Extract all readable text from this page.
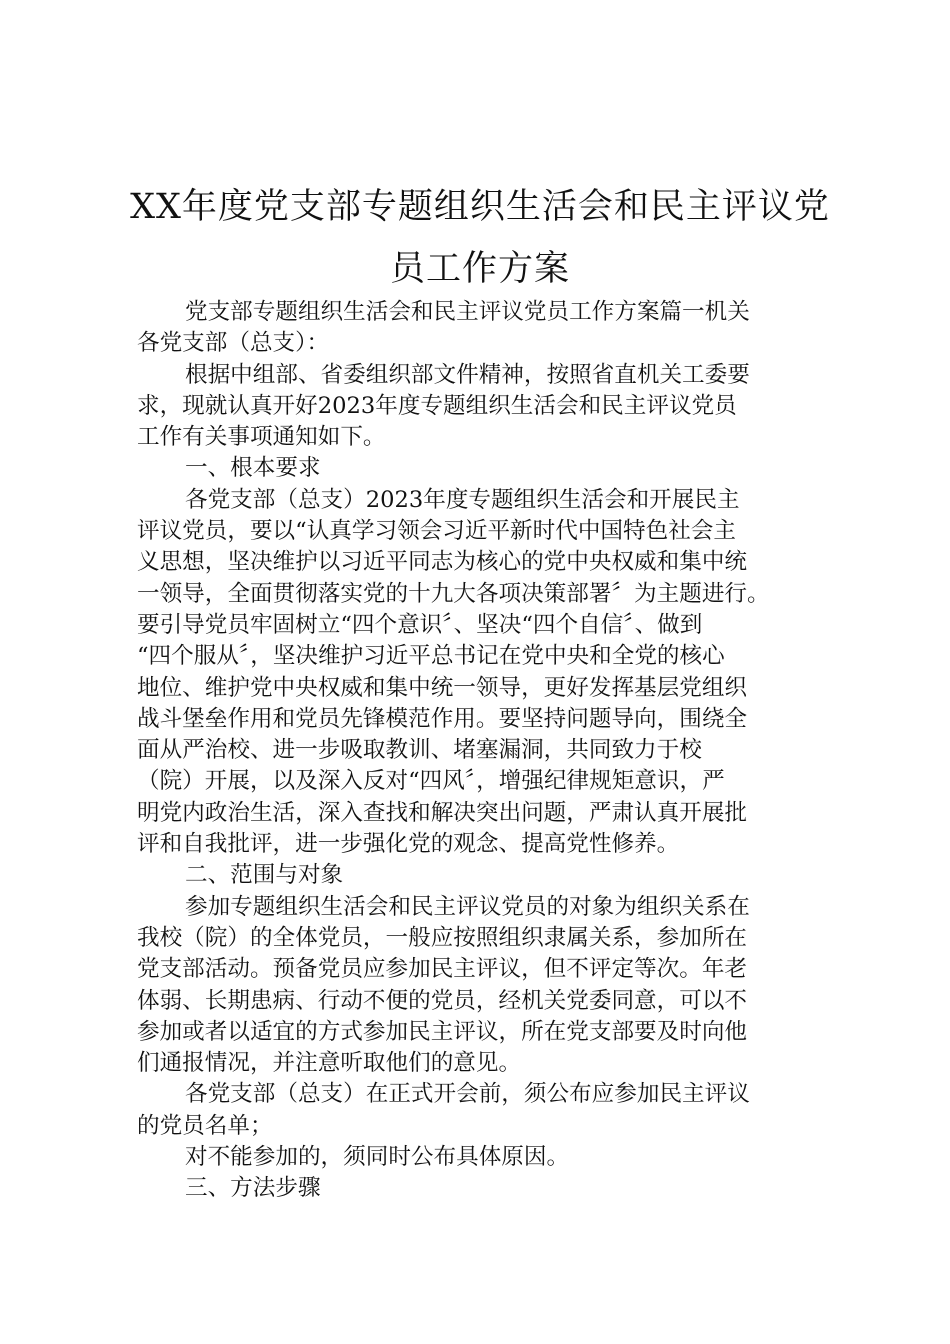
XX年度党支部专题组织生活会和民主评议党
员工作方案
党支部专题组织生活会和民主评议党员工作方案篇一机关
各党支部（总支）：
根据中组部、省委组织部文件精神，按照省直机关工委要
求，现就认真开好2023年度专题组织生活会和民主评议党员
工作有关事项通知如下。
一、根本要求
各党支部（总支）2023年度专题组织生活会和开展民主
评议党员，要以“认真学习领会习近平新时代中国特色社会主
义思想，坚决维护以习近平同志为核心的党中央权威和集中统
一领导，全面贯彻落实党的十九大各项决策部署〞为主题进行。
要引导党员牢固树立“四个意识〞、坚决“四个自信〞、做到
“四个服从〞，坚决维护习近平总书记在党中央和全党的核心
地位、维护党中央权威和集中统一领导，更好发挥基层党组织
战斗堡垒作用和党员先锋模范作用。要坚持问题导向，围绕全
面从严治校、进一步吸取教训、堵塞漏洞，共同致力于校
（院）开展，以及深入反对“四风〞，增强纪律规矩意识，严
明党内政治生活，深入查找和解决突出问题，严肃认真开展批
评和自我批评，进一步强化党的观念、提高党性修养。
二、范围与对象
参加专题组织生活会和民主评议党员的对象为组织关系在
我校（院）的全体党员，一般应按照组织隶属关系，参加所在
党支部活动。预备党员应参加民主评议，但不评定等次。年老
体弱、长期患病、行动不便的党员，经机关党委同意，可以不
参加或者以适宜的方式参加民主评议，所在党支部要及时向他
们通报情况，并注意听取他们的意见。
各党支部（总支）在正式开会前，须公布应参加民主评议
的党员名单；
对不能参加的，须同时公布具体原因。
三、方法步骤
